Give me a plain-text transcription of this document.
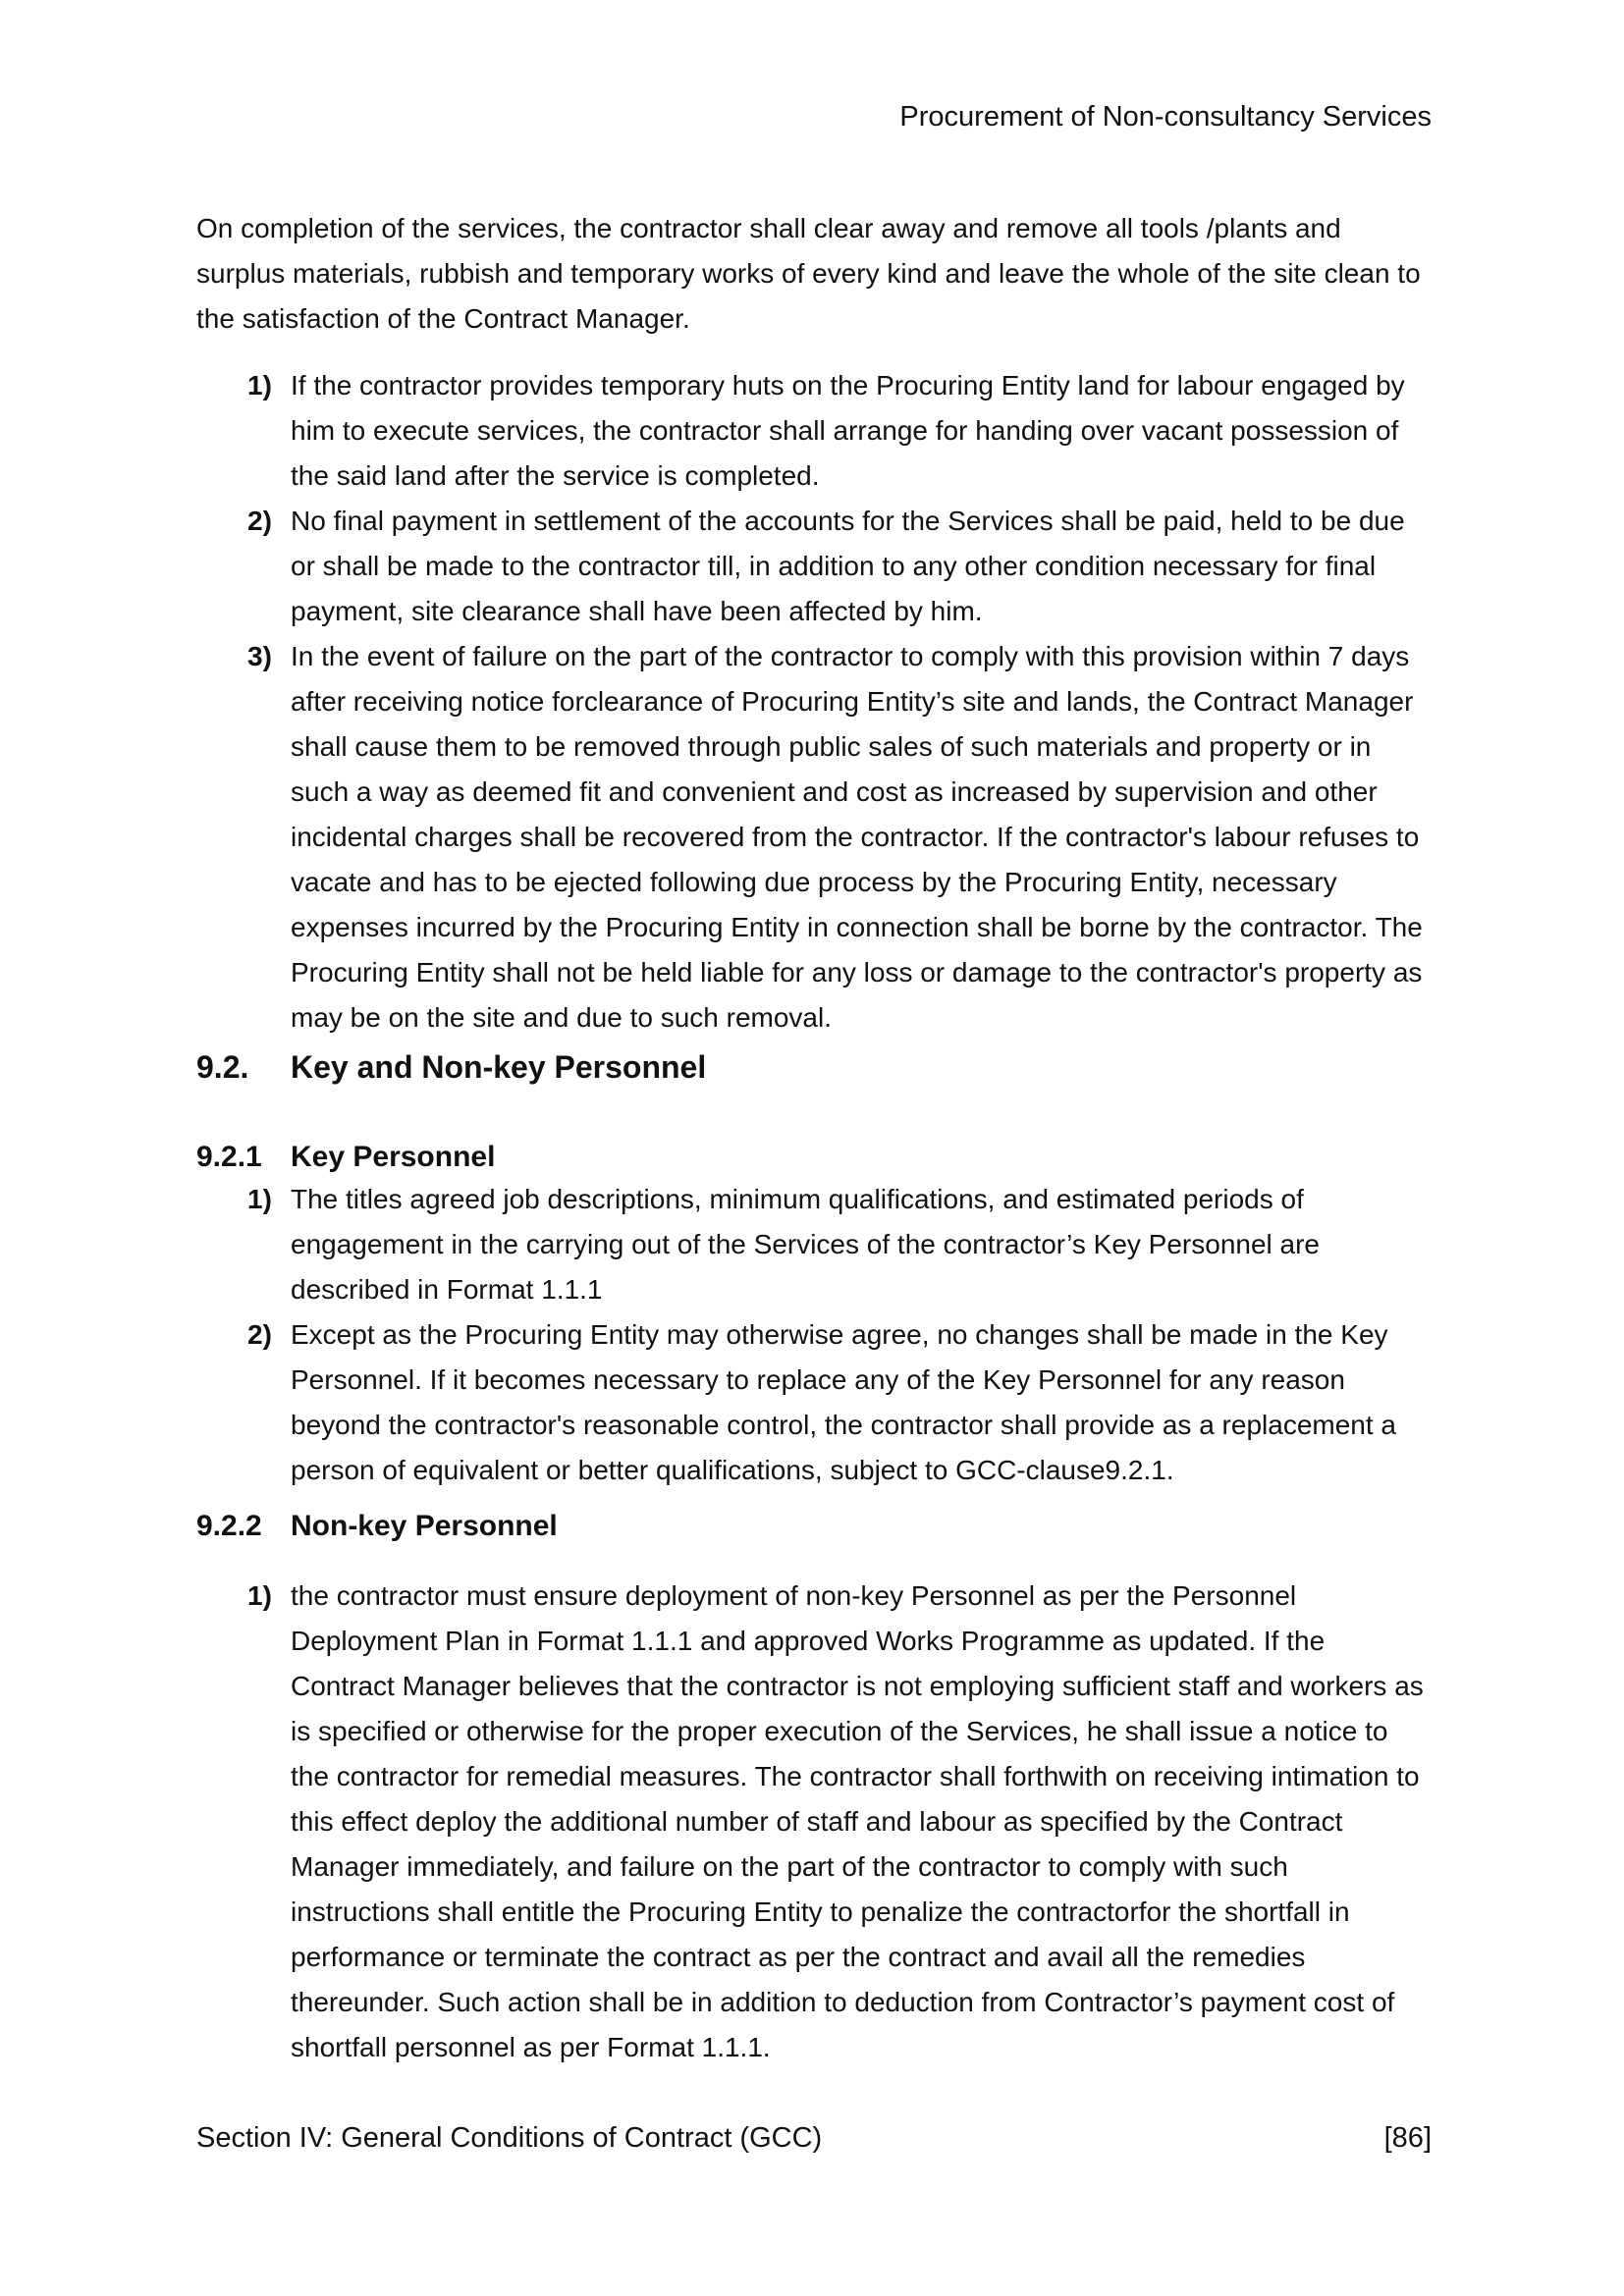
Procurement of Non-consultancy Services

On completion of the services, the contractor shall clear away and remove all tools /plants and surplus materials, rubbish and temporary works of every kind and leave the whole of the site clean to the satisfaction of the Contract Manager.

1) If the contractor provides temporary huts on the Procuring Entity land for labour engaged by him to execute services, the contractor shall arrange for handing over vacant possession of the said land after the service is completed.
2) No final payment in settlement of the accounts for the Services shall be paid, held to be due or shall be made to the contractor till, in addition to any other condition necessary for final payment, site clearance shall have been affected by him.
3) In the event of failure on the part of the contractor to comply with this provision within 7 days after receiving notice forclearance of Procuring Entity’s site and lands, the Contract Manager shall cause them to be removed through public sales of such materials and property or in such a way as deemed fit and convenient and cost as increased by supervision and other incidental charges shall be recovered from the contractor. If the contractor's labour refuses to vacate and has to be ejected following due process by the Procuring Entity, necessary expenses incurred by the Procuring Entity in connection shall be borne by the contractor. The Procuring Entity shall not be held liable for any loss or damage to the contractor's property as may be on the site and due to such removal.
9.2.	Key and Non-key Personnel
9.2.1 Key Personnel
1) The titles agreed job descriptions, minimum qualifications, and estimated periods of engagement in the carrying out of the Services of the contractor’s Key Personnel are described in Format 1.1.1
2) Except as the Procuring Entity may otherwise agree, no changes shall be made in the Key Personnel. If it becomes necessary to replace any of the Key Personnel for any reason beyond the contractor's reasonable control, the contractor shall provide as a replacement a person of equivalent or better qualifications, subject to GCC-clause9.2.1.
9.2.2 Non-key Personnel
1) the contractor must ensure deployment of non-key Personnel as per the Personnel Deployment Plan in Format 1.1.1 and approved Works Programme as updated. If the Contract Manager believes that the contractor is not employing sufficient staff and workers as is specified or otherwise for the proper execution of the Services, he shall issue a notice to the contractor for remedial measures. The contractor shall forthwith on receiving intimation to this effect deploy the additional number of staff and labour as specified by the Contract Manager immediately, and failure on the part of the contractor to comply with such instructions shall entitle the Procuring Entity to penalize the contractorfor the shortfall in performance or terminate the contract as per the contract and avail all the remedies thereunder. Such action shall be in addition to deduction from Contractor’s payment cost of shortfall personnel as per Format 1.1.1.
Section IV: General Conditions of Contract (GCC)	[86]
